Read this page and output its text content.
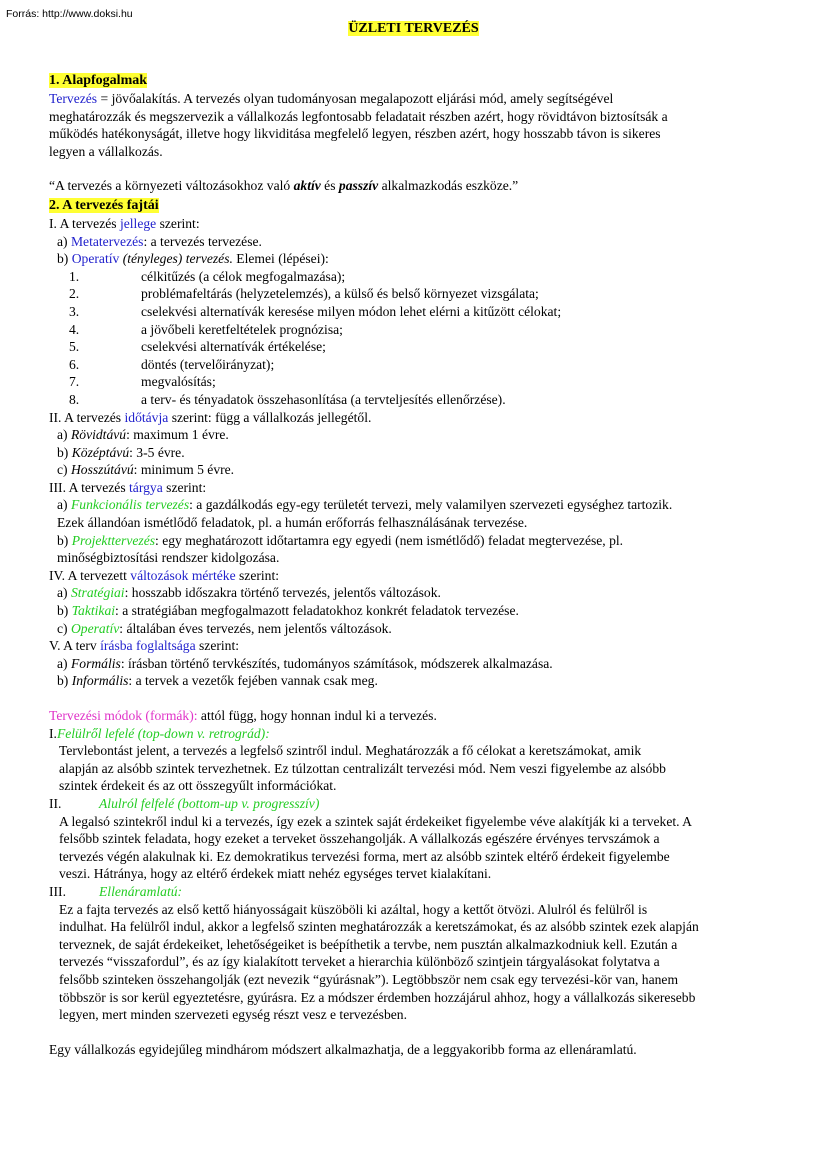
Forrás: http://www.doksi.hu
ÜZLETI TERVEZÉS
1. Alapfogalmak
Tervezés = jövőalakítás. A tervezés olyan tudományosan megalapozott eljárási mód, amely segítségével
meghatározzák és megszervezik a vállalkozás legfontosabb feladatait részben azért, hogy rövidtávon biztosítsák a
működés hatékonyságát, illetve hogy likviditása megfelelő legyen, részben azért, hogy hosszabb távon is sikeres
legyen a vállalkozás.
“A tervezés a környezeti változásokhoz való aktív és passzív alkalmazkodás eszköze.”
2. A tervezés fajtái
I. A tervezés jellege szerint:
a) Metatervezés: a tervezés tervezése.
b) Operatív (tényleges) tervezés. Elemei (lépései):
1.	célkitűzés (a célok megfogalmazása);
2.	problémafeltárás (helyzetelemzés), a külső és belső környezet vizsgálata;
3.	cselekvési alternatívák keresése milyen módon lehet elérni a kitűzött célokat;
4.	a jövőbeli keretfeltételek prognózisa;
5.	cselekvési alternatívák értékelése;
6.	döntés (tervelőirányzat);
7.	megvalósítás;
8.	a terv- és tényadatok összehasonlítása (a tervteljesítés ellenőrzése).
II. A tervezés időtávja szerint: függ a vállalkozás jellegétől.
a) Rövidtávú: maximum 1 évre.
b) Középtávú: 3-5 évre.
c) Hosszútávú: minimum 5 évre.
III. A tervezés tárgya szerint:
a) Funkcionális tervezés: a gazdálkodás egy-egy területét tervezi, mely valamilyen szervezeti egységhez tartozik.
Ezek állandóan ismétlődő feladatok, pl. a humán erőforrás felhasználásának tervezése.
b) Projekttervezés: egy meghatározott időtartamra egy egyedi (nem ismétlődő) feladat megtervezése, pl.
minőségbiztosítási rendszer kidolgozása.
IV. A tervezett változások mértéke szerint:
a) Stratégiai: hosszabb időszakra történő tervezés, jelentős változások.
b) Taktikai: a stratégiában megfogalmazott feladatokhoz konkrét feladatok tervezése.
c) Operatív: általában éves tervezés, nem jelentős változások.
V. A terv írásba foglaltsága szerint:
a) Formális: írásban történő tervkészítés, tudományos számítások, módszerek alkalmazása.
b) Informális: a tervek a vezetők fejében vannak csak meg.
Tervezési módok (formák): attól függ, hogy honnan indul ki a tervezés.
I.Felülről lefelé (top-down v. retrográd):
Tervlebontást jelent, a tervezés a legfelső szintről indul. Meghatározzák a fő célokat a keretszámokat, amik
alapján az alsóbb szintek tervezhetnek. Ez túlzottan centralizált tervezési mód. Nem veszi figyelembe az alsóbb
szintek érdekeit és az ott összegyűlt információkat.
II.	Alulról felfelé (bottom-up v. progresszív)
A legalsó szintekről indul ki a tervezés, így ezek a szintek saját érdekeiket figyelembe véve alakítják ki a terveket. A
felsőbb szintek feladata, hogy ezeket a terveket összehangolják. A vállalkozás egészére érvényes tervszámok a
tervezés végén alakulnak ki. Ez demokratikus tervezési forma, mert az alsóbb szintek eltérő érdekeit figyelembe
veszi. Hátránya, hogy az eltérő érdekek miatt nehéz egységes tervet kialakítani.
III. Ellenáramlatú:
Ez a fajta tervezés az első kettő hiányosságait küszöböli ki azáltal, hogy a kettőt ötvözi. Alulról és felülről is
indulhat. Ha felülről indul, akkor a legfelső szinten meghatározzák a keretszámokat, és az alsóbb szintek ezek alapján
terveznek, de saját érdekeiket, lehetőségeiket is beépíthetik a tervbe, nem pusztán alkalmazkodniuk kell. Ezután a
tervezés “visszafordul”, és az így kialakított terveket a hierarchia különböző szintjein tárgyalásokat folytatva a
felsőbb szinteken összehangolják (ezt nevezik “gyúrásnak”). Legtöbbször nem csak egy tervezési-kör van, hanem
többször is sor kerül egyeztetésre, gyúrásra. Ez a módszer érdemben hozzájárul ahhoz, hogy a vállalkozás sikeresebb
legyen, mert minden szervezeti egység részt vesz e tervezésben.
Egy vállalkozás egyidejűleg mindhárom módszert alkalmazhatja, de a leggyakoribb forma az ellenáramlatú.
